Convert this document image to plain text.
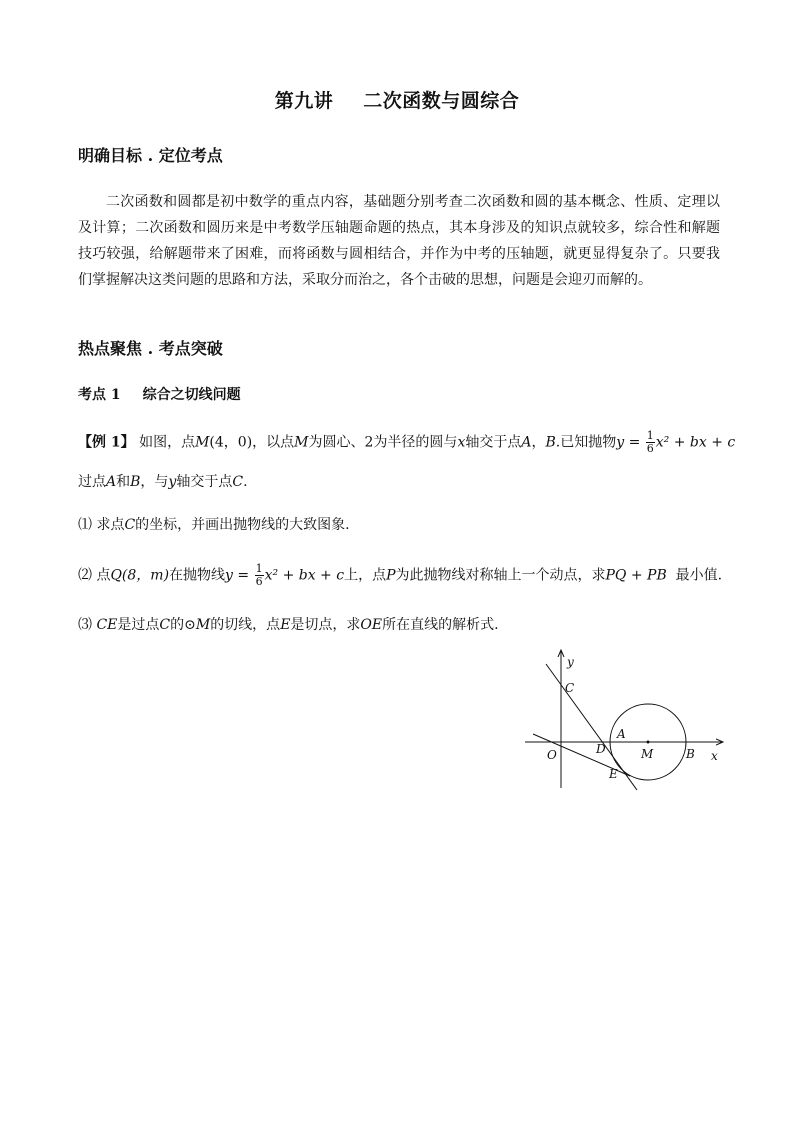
第九讲 二次函数与圆综合
明确目标 . 定位考点
二次函数和圆都是初中数学的重点内容，基础题分别考查二次函数和圆的基本概念、性质、定理以及计算；二次函数和圆历来是中考数学压轴题命题的热点，其本身涉及的知识点就较多，综合性和解题技巧较强，给解题带来了困难，而将函数与圆相结合，并作为中考的压轴题，就更显得复杂了。只要我们掌握解决这类问题的思路和方法，采取分而治之，各个击破的思想，问题是会迎刃而解的。
热点聚焦 . 考点突破
考点 1 综合之切线问题
【例 1】 如图，点M(4，0)，以点M为圆心、2为半径的圆与x轴交于点A，B.已知抛物$y = \frac{1}{6} x^2$ + bx + c
过点A和B，与y轴交于点C.
⑴ 求点C的坐标，并画出抛物线的大致图象.
⑵ 点Q(8，m)在抛物线$y = \frac{1}{6} x^2$ + bx + c上，点P为此抛物线对称轴上一个动点，求PQ + PB 最小值.
⑶ CE是过点C的⊙M的切线，点E是切点，求OE所在直线的解析式.
y
x
O
C
A
D	M	B
E
